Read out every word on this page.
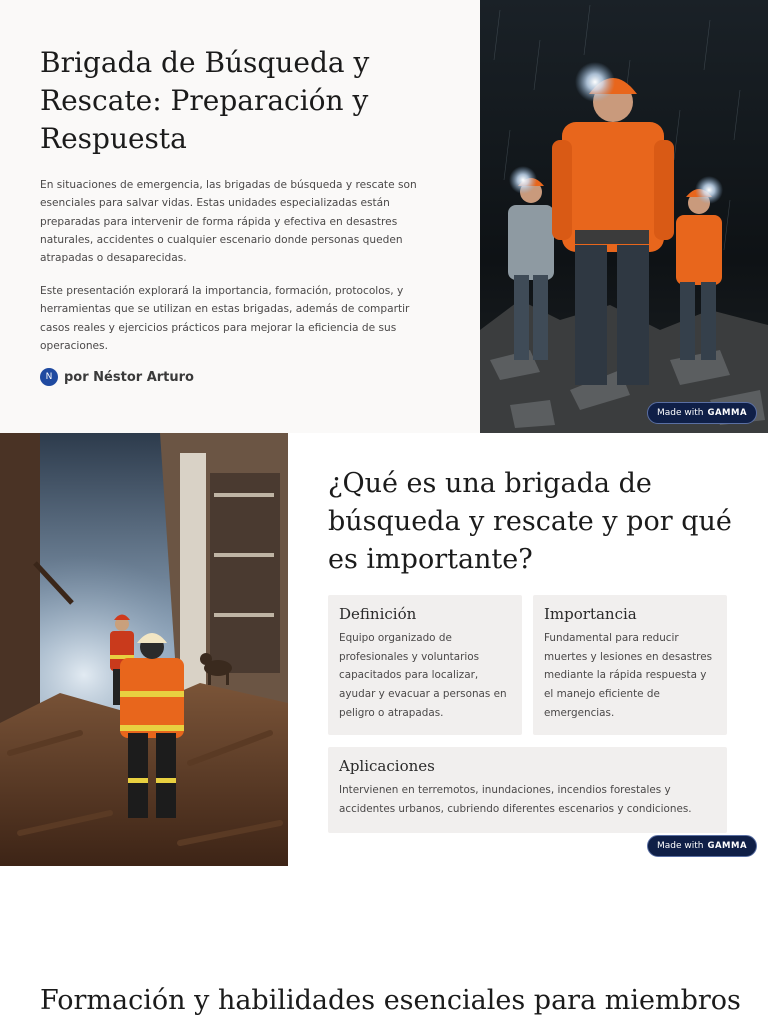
Brigada de Búsqueda y Rescate: Preparación y Respuesta

En situaciones de emergencia, las brigadas de búsqueda y rescate son esenciales para salvar vidas. Estas unidades especializadas están preparadas para intervenir de forma rápida y efectiva en desastres naturales, accidentes o cualquier escenario donde personas queden atrapadas o desaparecidas.

Este presentación explorará la importancia, formación, protocolos, y herramientas que se utilizan en estas brigadas, además de compartir casos reales y ejercicios prácticos para mejorar la eficiencia de sus operaciones.

N por Néstor Arturo
Made with GAMMA
¿Qué es una brigada de búsqueda y rescate y por qué es importante?

Definición

Equipo organizado de profesionales y voluntarios capacitados para localizar, ayudar y evacuar a personas en peligro o atrapadas.

Importancia

Fundamental para reducir muertes y lesiones en desastres mediante la rápida respuesta y el manejo eficiente de emergencias.

Aplicaciones

Intervienen en terremotos, inundaciones, incendios forestales y accidentes urbanos, cubriendo diferentes escenarios y condiciones.

Made with GAMMA
Formación y habilidades esenciales para miembros
